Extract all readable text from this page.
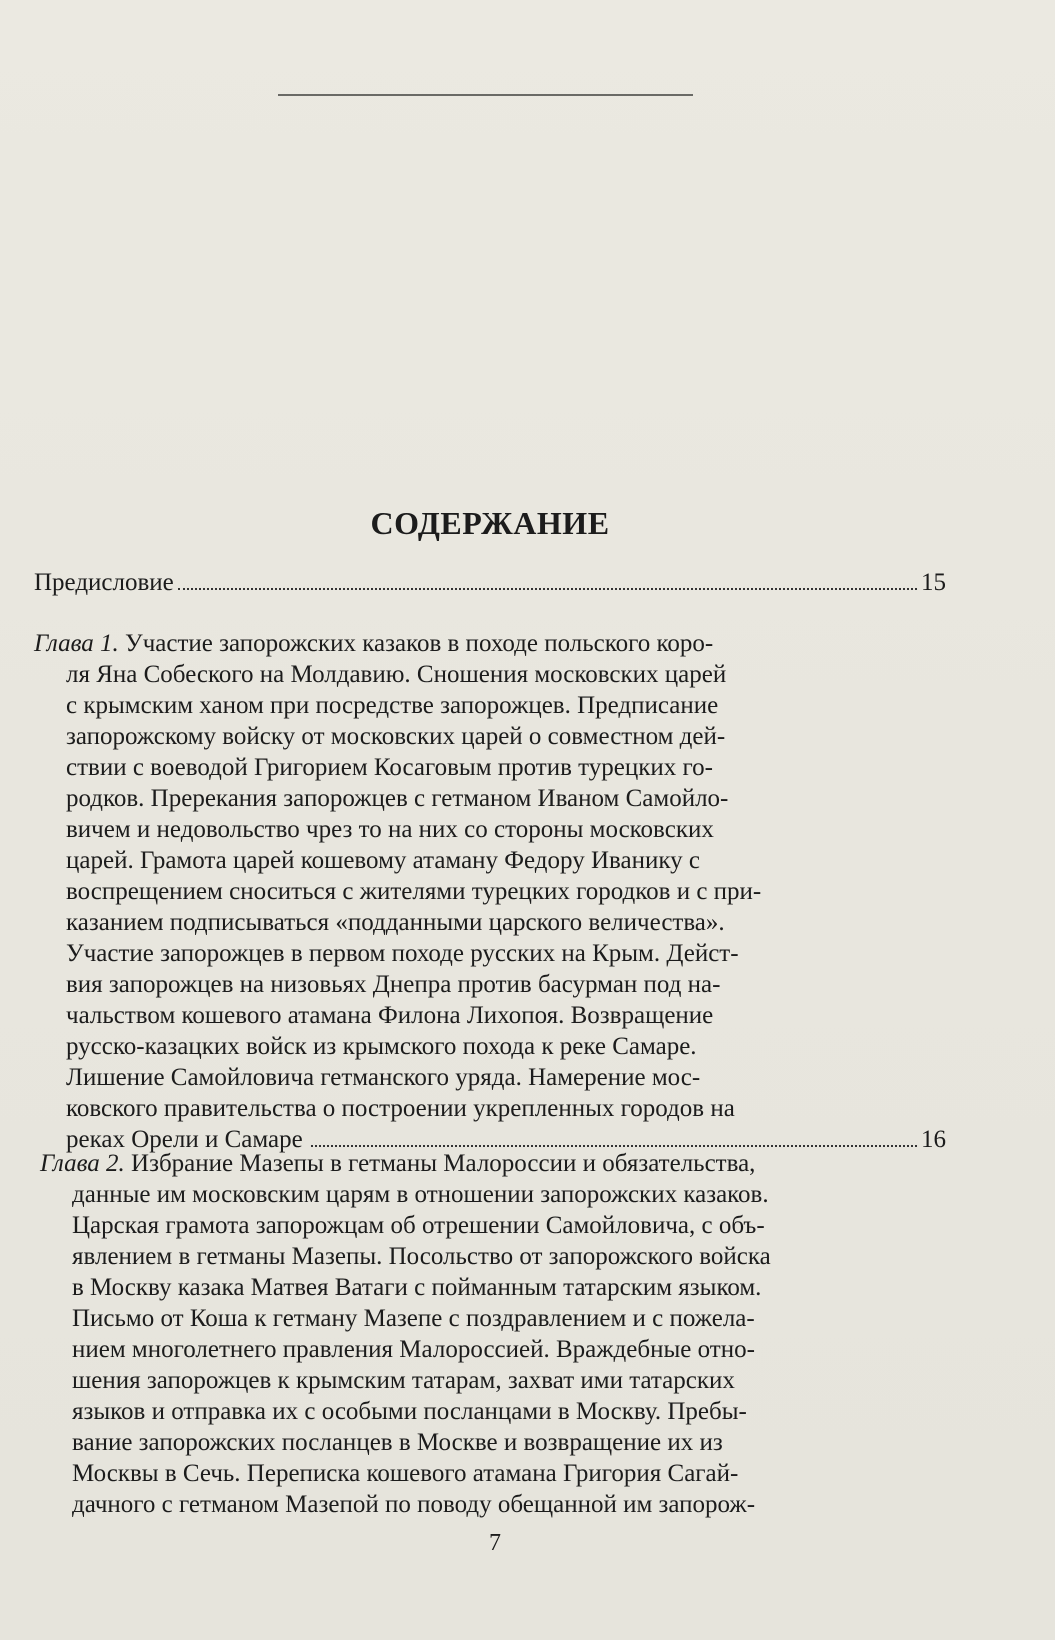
СОДЕРЖАНИЕ
Предисловие	15

Глава 1. Участие запорожских казаков в походе польского коро-

ля Яна Собеского на Молдавию. Сношения московских царей

с крымским ханом при посредстве запорожцев. Предписание

запорожскому войску от московских царей о совместном дей-

ствии с воеводой Григорием Косаговым против турецких го-

родков. Пререкания запорожцев с гетманом Иваном Самойло-

вичем и недовольство чрез то на них со стороны московских

царей. Грамота царей кошевому атаману Федору Иванику с

воспрещением сноситься с жителями турецких городков и с при-

казанием подписываться «подданными царского величества».

Участие запорожцев в первом походе русских на Крым. Дейст-

вия запорожцев на низовьях Днепра против басурман под на-

чальством кошевого атамана Филона Лихопоя. Возвращение

русско-казацких войск из крымского похода к реке Самаре.

Лишение Самойловича гетманского уряда. Намерение мос-

ковского правительства о построении укрепленных городов на

реках Орели и Самаре	16

Глава 2. Избрание Мазепы в гетманы Малороссии и обязательства,

данные им московским царям в отношении запорожских казаков.

Царская грамота запорожцам об отрешении Самойловича, с объ-

явлением в гетманы Мазепы. Посольство от запорожского войска

в Москву казака Матвея Ватаги с пойманным татарским языком.

Письмо от Коша к гетману Мазепе с поздравлением и с пожела-

нием многолетнего правления Малороссией. Враждебные отно-

шения запорожцев к крымским татарам, захват ими татарских

языков и отправка их с особыми посланцами в Москву. Пребы-

вание запорожских посланцев в Москве и возвращение их из

Москвы в Сечь. Переписка кошевого атамана Григория Сагай-

дачного с гетманом Мазепой по поводу обещанной им запорож-

7
